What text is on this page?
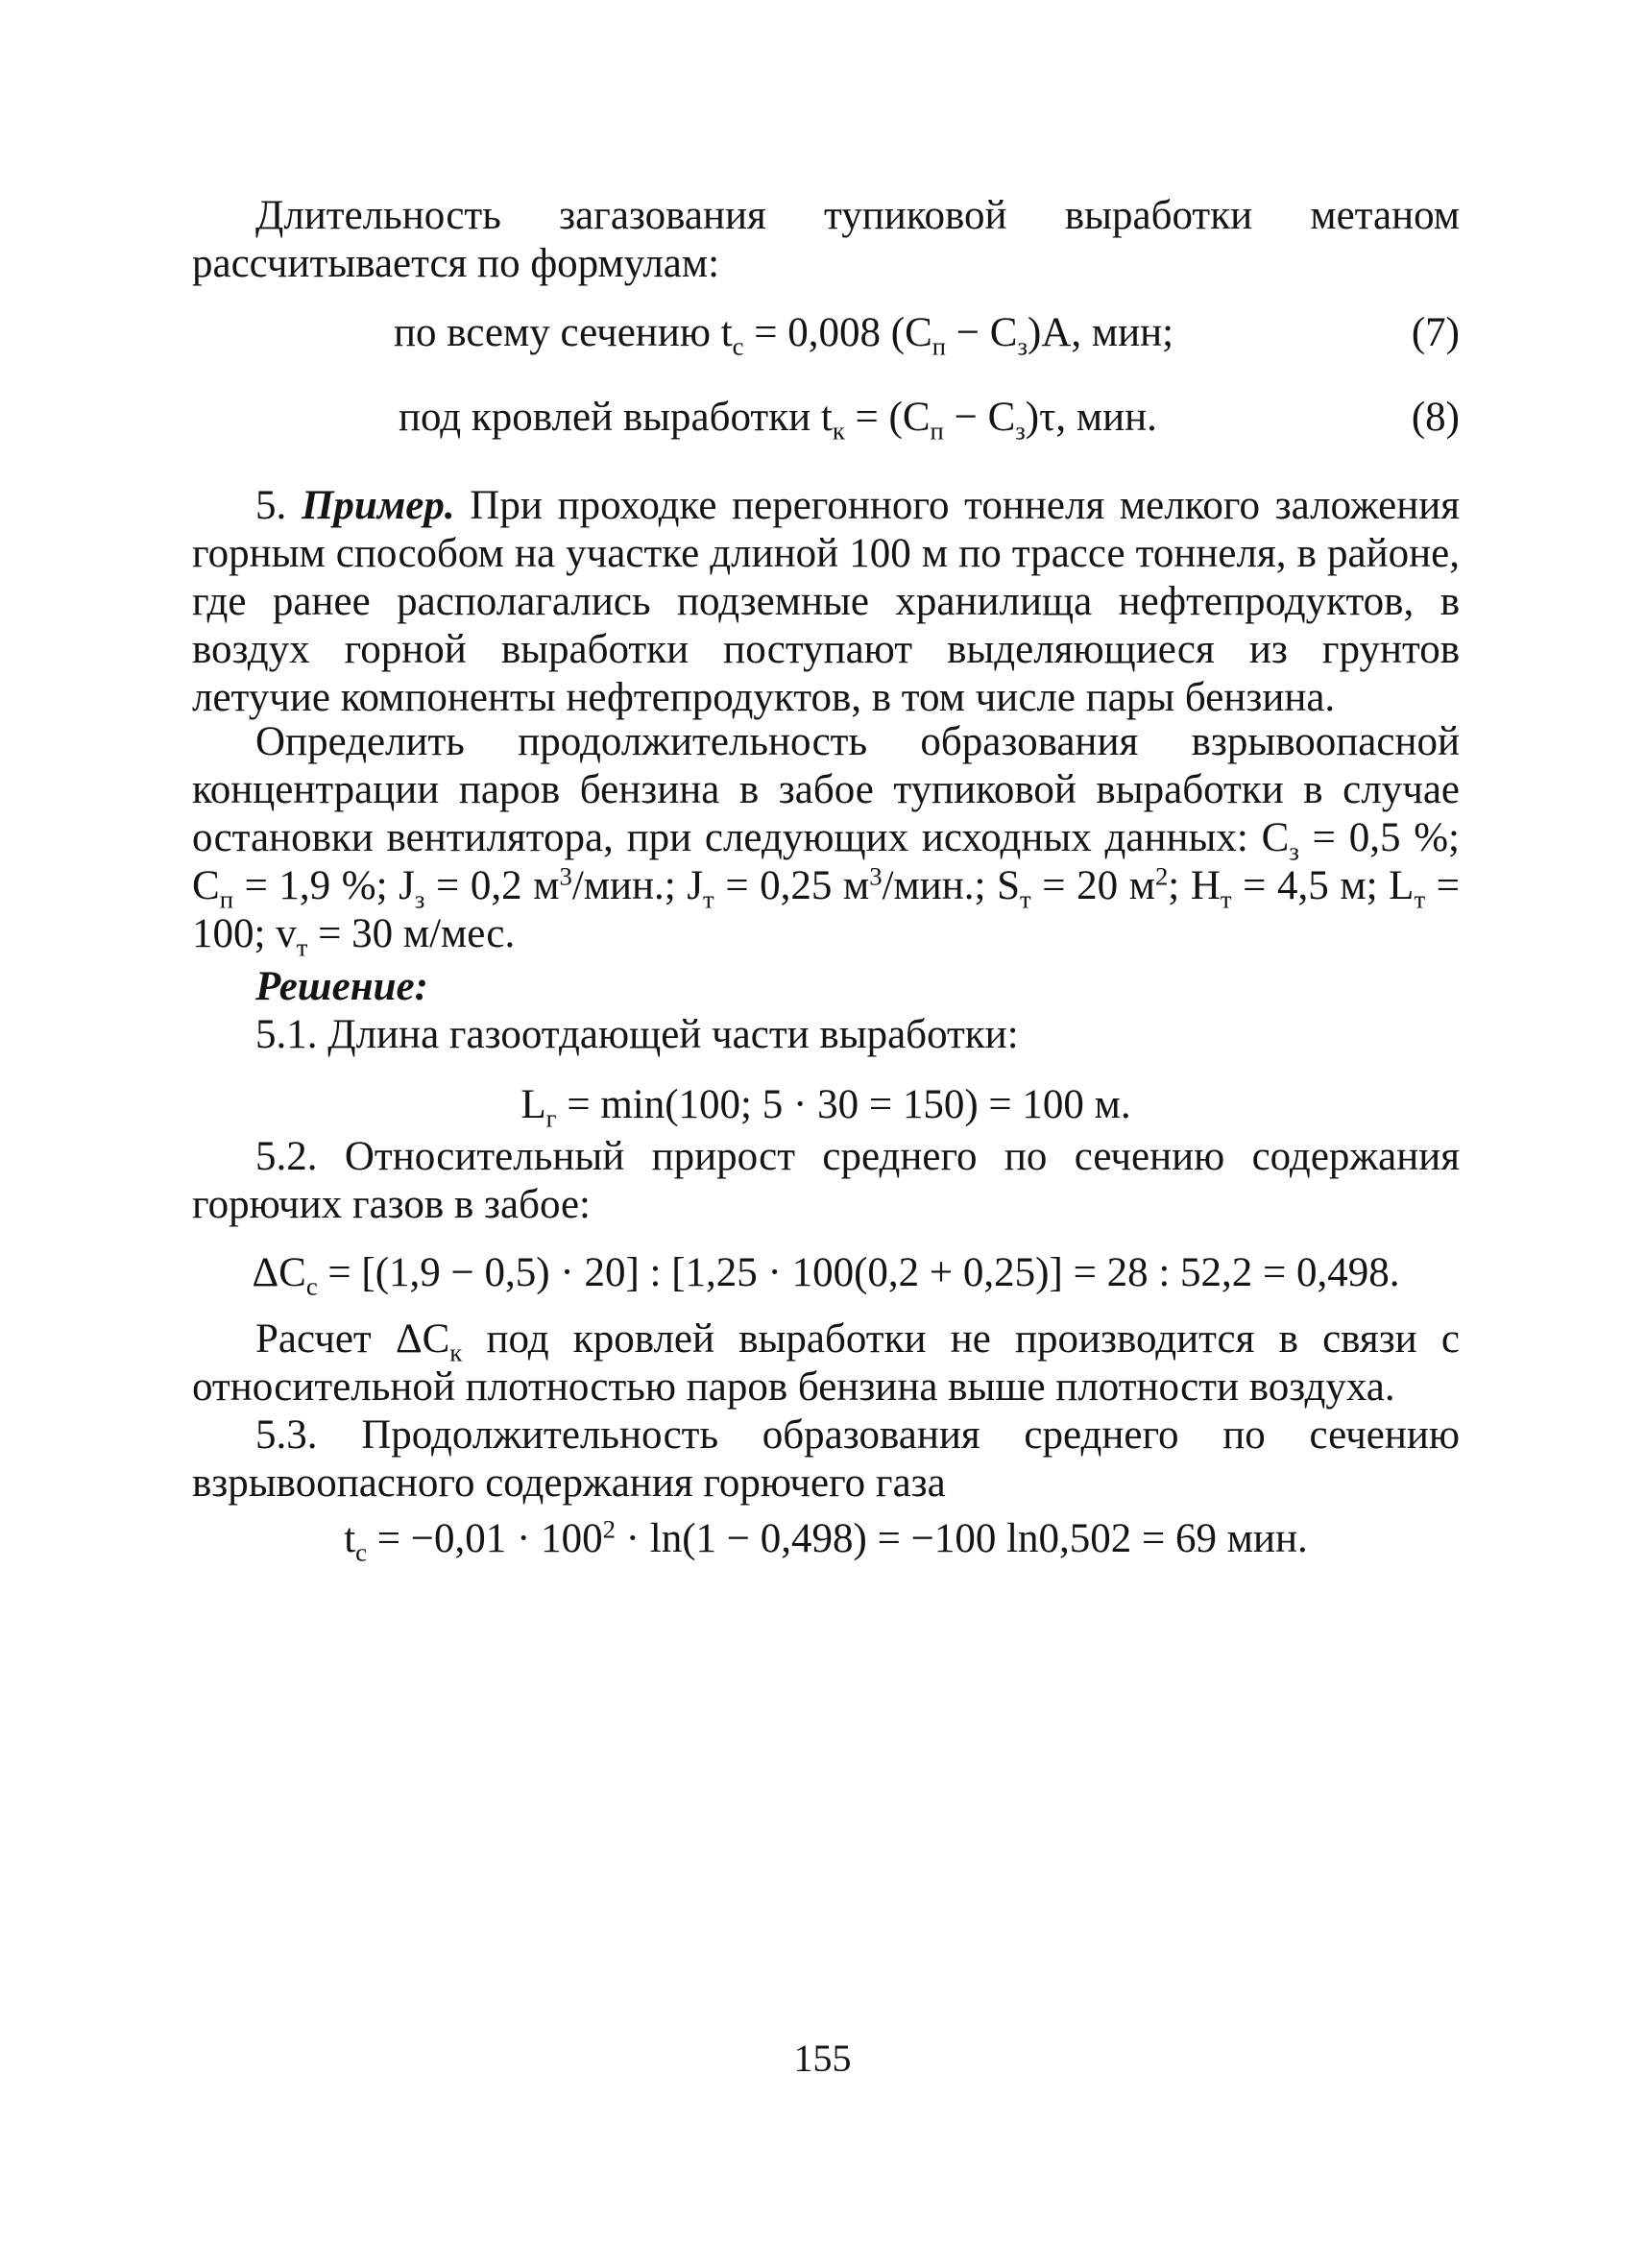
Длительность загазования тупиковой выработки метаном рассчитывается по формулам:

по всему сечению $t_c = 0,008$ $(C_п - C_з)A$, мин;	(7)
под кровлей выработки $t_к = (C_п - C_з)\tau$, мин.	(8)

5. Пример. При проходке перегонного тоннеля мелкого заложения горным способом на участке длиной 100 м по трассе тоннеля, в районе, где ранее располагались подземные хранилища нефтепродуктов, в воздух горной выработки поступают выделяющиеся из грунтов летучие компоненты нефтепродуктов, в том числе пары бензина.

Определить продолжительность образования взрывоопасной концентрации паров бензина в забое тупиковой выработки в случае остановки вентилятора, при следующих исходных данных: $C_з = 0,5$ %; $C_п = 1,9$ %; $J_з = 0,2$ $м^3$/мин.; $J_т = 0,25$ $м^3$/мин.; $S_т = 20$ $м^2$; $H_т = 4,5$ м; $L_т = 100$; $v_т = 30$ м/мес.

Решение:

5.1. Длина газоотдающей части выработки:

$L_г = \min(100$; 5 · 30 = 150) = 100 м.

5.2. Относительный прирост среднего по сечению содержания горючих газов в забое:

$\Delta C_с = [(1,9 - 0,5) \cdot 20]$ : [1,25 · 100(0,2 + 0,25)] = 28 : 52,2 = 0,498.

Расчет $\Delta C_к$ под кровлей выработки не производится в связи с относительной плотностью паров бензина выше плотности воздуха.

5.3. Продолжительность образования среднего по сечению взрывоопасного содержания горючего газа

$t_с = -0,01 \cdot 100^2 \cdot \ln(1 - 0,498) = -100$ ln0,502 = 69 мин.
155
